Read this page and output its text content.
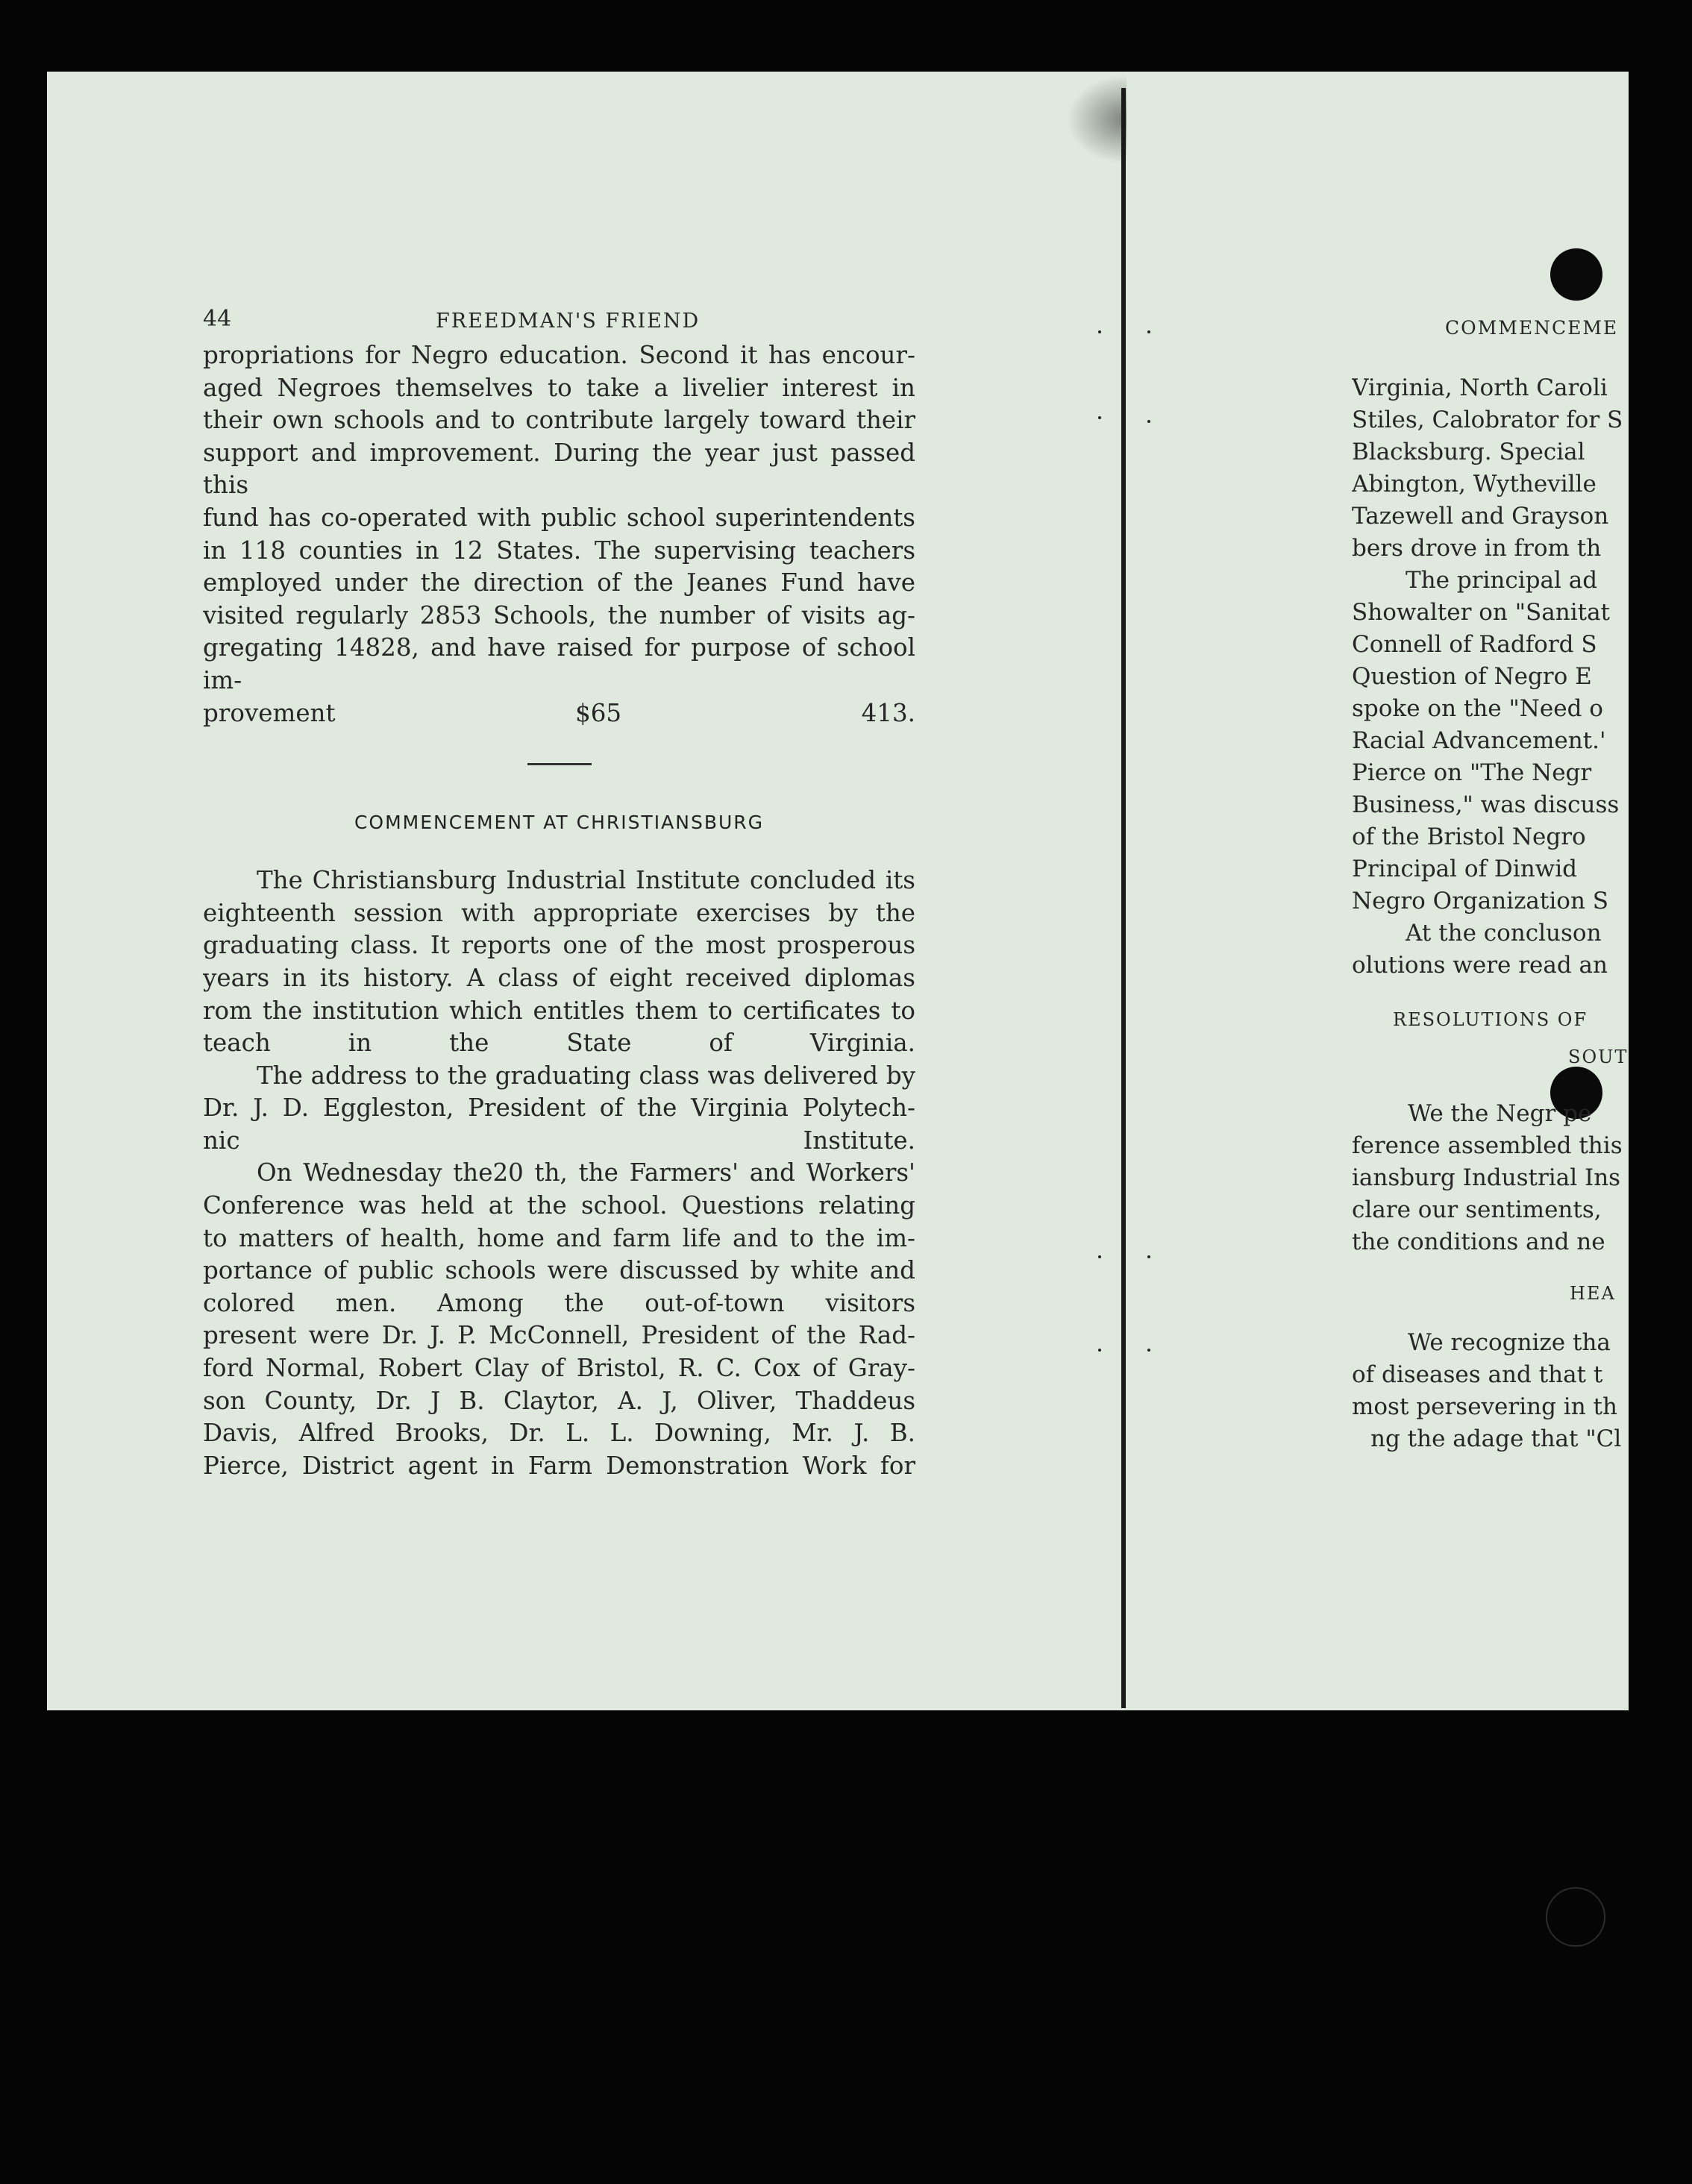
44	FREEDMAN'S FRIEND
propriations for Negro education. Second it has encour-
aged Negroes themselves to take a livelier interest in
their own schools and to contribute largely toward their
support and improvement. During the year just passed this
fund has co-operated with public school superintendents
in 118 counties in 12 States. The supervising teachers
employed under the direction of the Jeanes Fund have
visited regularly 2853 Schools, the number of visits ag-
gregating 14828, and have raised for purpose of school im-
provement $65 413.
COMMENCEMENT AT CHRISTIANSBURG
The Christiansburg Industrial Institute concluded its
eighteenth session with appropriate exercises by the
graduating class. It reports one of the most prosperous
years in its history. A class of eight received diplomas
rom the institution which entitles them to certificates to
teach in the State of Virginia.
The address to the graduating class was delivered by
Dr. J. D. Eggleston, President of the Virginia Polytech-
nic Institute.
On Wednesday the20 th, the Farmers' and Workers'
Conference was held at the school. Questions relating
to matters of health, home and farm life and to the im-
portance of public schools were discussed by white and
colored men. Among the out-of-town visitors
present were Dr. J. P. McConnell, President of the Rad-
ford Normal, Robert Clay of Bristol, R. C. Cox of Gray-
son County, Dr. J B. Claytor, A. J, Oliver, Thaddeus
Davis, Alfred Brooks, Dr. L. L. Downing, Mr. J. B.
Pierce, District agent in Farm Demonstration Work for
COMMENCEME
Virginia, North Caroli
Stiles, Calobrator for S
Blacksburg. Special
Abington, Wytheville
Tazewell and Grayson
bers drove in from th
The principal ad
Showalter on "Sanitat
Connell of Radford S
Question of Negro E
spoke on the "Need o
Racial Advancement.'
Pierce on "The Negr
Business," was discuss
of the Bristol Negro
Principal of Dinwid
Negro Organization S
At the concluson
olutions were read an
RESOLUTIONS OF
SOUT
We the Negr pe
ference assembled this
iansburg Industrial Ins
clare our sentiments,
the conditions and ne
HEA
We recognize tha
of diseases and that t
most persevering in th
ng the adage that "Cl
